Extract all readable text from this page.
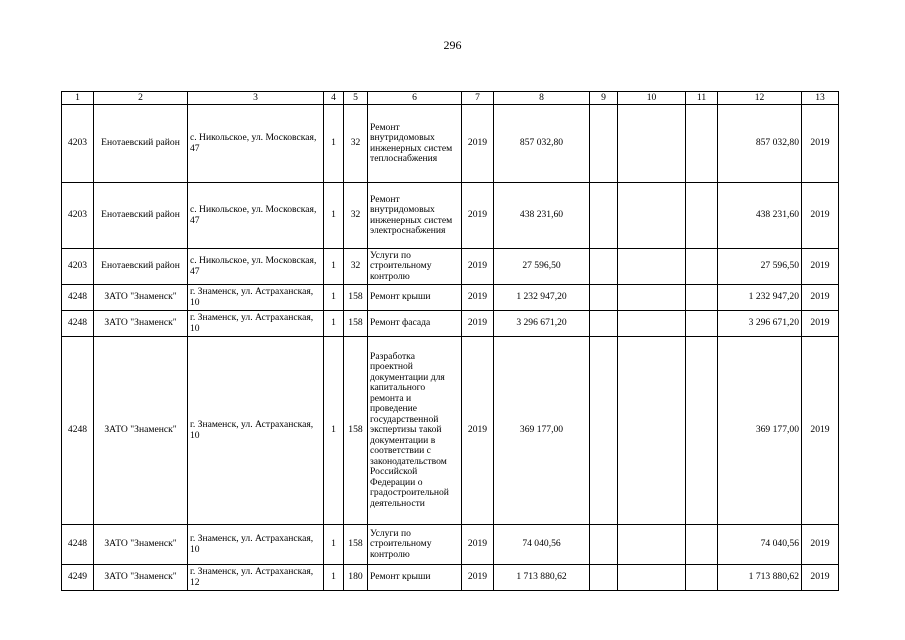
296
1	2	3	4	5	6	7	8	9	10	11	12	13
4203	Енотаевский район	с. Никольское, ул. Московская, 47	1	32	Ремонт внутридомовых инженерных систем теплоснабжения	2019	857 032,80				857 032,80	2019
4203	Енотаевский район	с. Никольское, ул. Московская, 47	1	32	Ремонт внутридомовых инженерных систем электроснабжения	2019	438 231,60				438 231,60	2019
4203	Енотаевский район	с. Никольское, ул. Московская, 47	1	32	Услуги по строительному контролю	2019	27 596,50				27 596,50	2019
4248	ЗАТО "Знаменск"	г. Знаменск, ул. Астраханская, 10	1	158	Ремонт крыши	2019	1 232 947,20				1 232 947,20	2019
4248	ЗАТО "Знаменск"	г. Знаменск, ул. Астраханская, 10	1	158	Ремонт фасада	2019	3 296 671,20				3 296 671,20	2019
4248	ЗАТО "Знаменск"	г. Знаменск, ул. Астраханская, 10	1	158	Разработка проектной документации для капитального ремонта и проведение государственной экспертизы такой документации в соответствии с законодательством Российской Федерации о градостроительной деятельности	2019	369 177,00				369 177,00	2019
4248	ЗАТО "Знаменск"	г. Знаменск, ул. Астраханская, 10	1	158	Услуги по строительному контролю	2019	74 040,56				74 040,56	2019
4249	ЗАТО "Знаменск"	г. Знаменск, ул. Астраханская, 12	1	180	Ремонт крыши	2019	1 713 880,62				1 713 880,62	2019
